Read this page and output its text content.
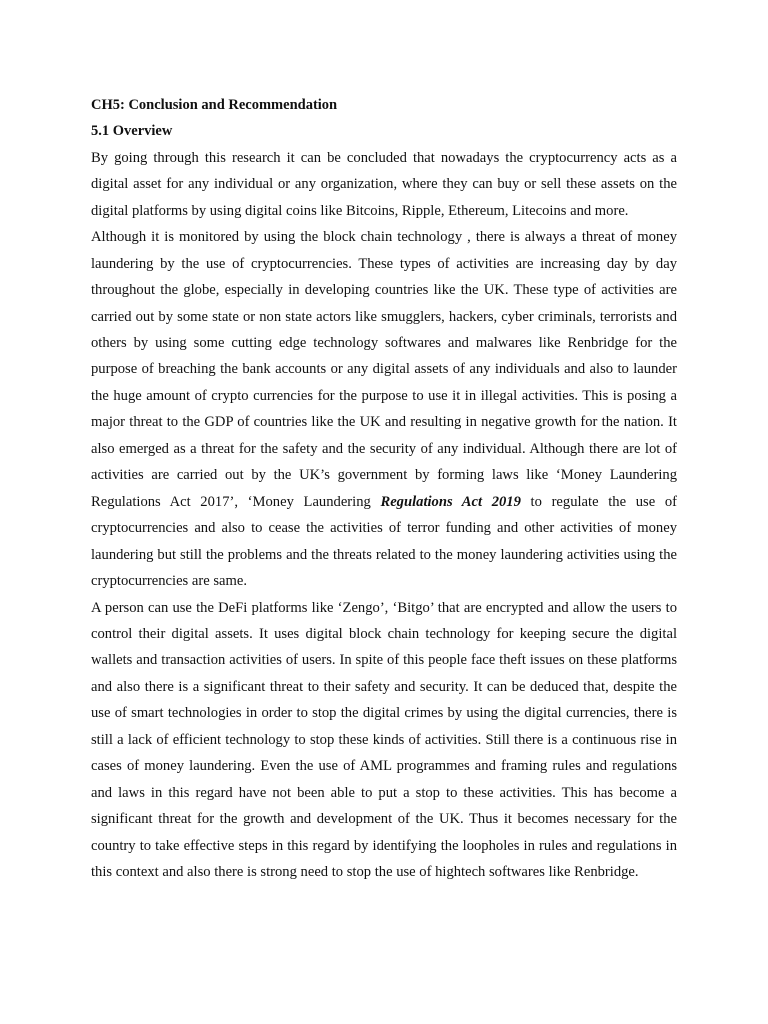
CH5: Conclusion and Recommendation
5.1 Overview

By going through this research it can be concluded that nowadays the cryptocurrency acts as a digital asset for any individual or any organization, where they can buy or sell these assets on the digital platforms by using digital coins like Bitcoins, Ripple, Ethereum, Litecoins and more.

Although it is monitored by using the block chain technology , there is always a threat of money laundering by the use of cryptocurrencies. These types of activities are increasing day by day throughout the globe, especially in developing countries like the UK. These type of activities are carried out by some state or non state actors like smugglers, hackers, cyber criminals, terrorists and others by using some cutting edge technology softwares and malwares like Renbridge for the purpose of breaching the bank accounts or any digital assets of any individuals and also to launder the huge amount of crypto currencies for the purpose to use it in illegal activities. This is posing a major threat to the GDP of countries like the UK and resulting in negative growth for the nation. It also emerged as a threat for the safety and the security of any individual. Although there are lot of activities are carried out by the UK’s government by forming laws like ‘Money Laundering Regulations Act 2017’, ‘Money Laundering Regulations Act 2019 to regulate the use of cryptocurrencies and also to cease the activities of terror funding and other activities of money laundering but still the problems and the threats related to the money laundering activities using the cryptocurrencies are same.

A person can use the DeFi platforms like ‘Zengo’, ‘Bitgo’ that are encrypted and allow the users to control their digital assets. It uses digital block chain technology for keeping secure the digital wallets and transaction activities of users. In spite of this people face theft issues on these platforms and also there is a significant threat to their safety and security. It can be deduced that, despite the use of smart technologies in order to stop the digital crimes by using the digital currencies, there is still a lack of efficient technology to stop these kinds of activities. Still there is a continuous rise in cases of money laundering. Even the use of AML programmes and framing rules and regulations and laws in this regard have not been able to put a stop to these activities. This has become a significant threat for the growth and development of the UK. Thus it becomes necessary for the country to take effective steps in this regard by identifying the loopholes in rules and regulations in this context and also there is strong need to stop the use of hightech softwares like Renbridge.
